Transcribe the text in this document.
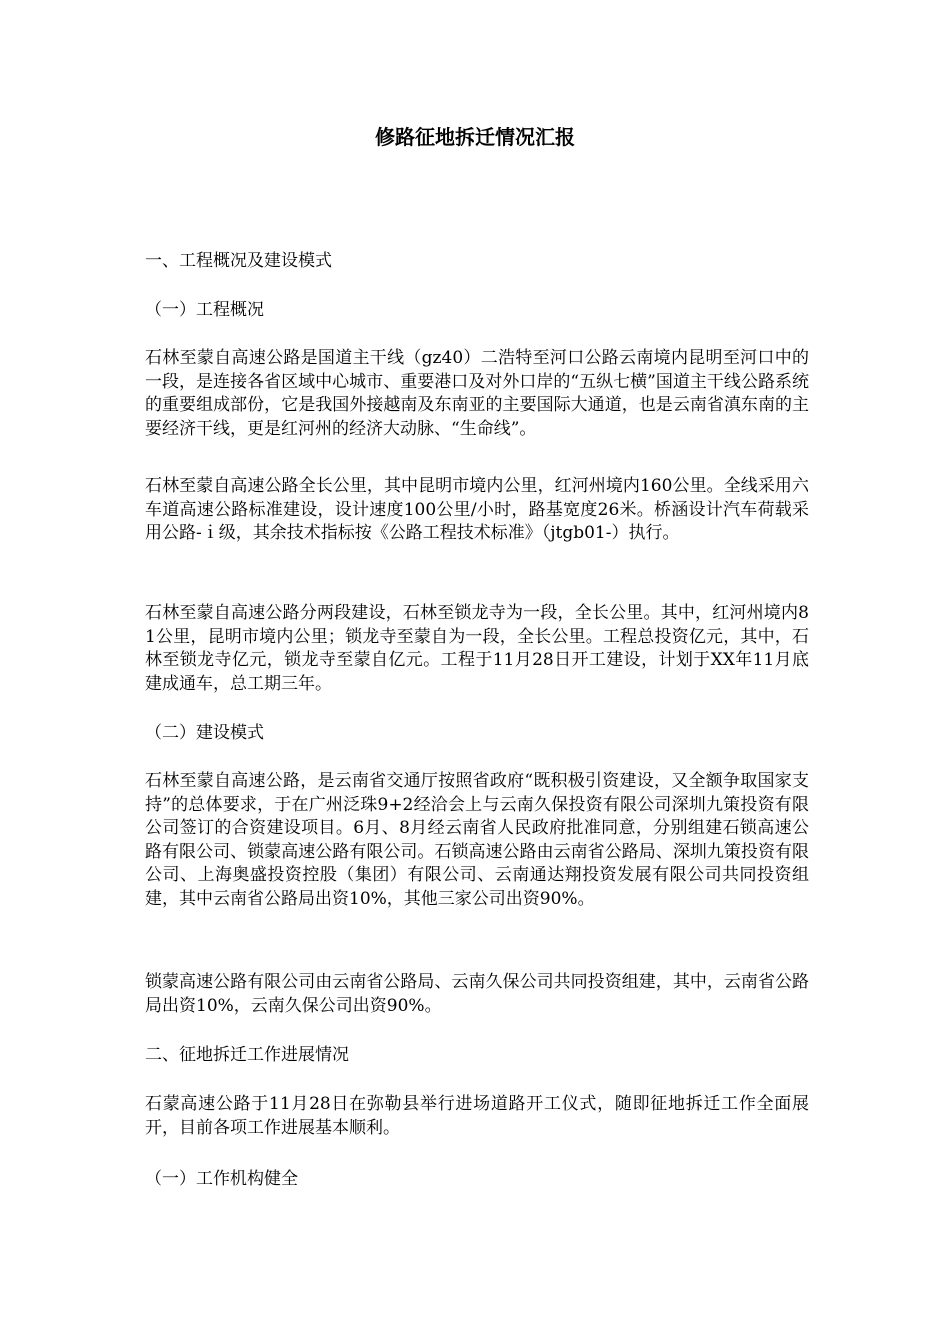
修路征地拆迁情况汇报

一、工程概况及建设模式

（一）工程概况

石林至蒙自高速公路是国道主干线（gz40）二浩特至河口公路云南境内昆明至河口中的一段，是连接各省区域中心城市、重要港口及对外口岸的“五纵七横”国道主干线公路系统的重要组成部份，它是我国外接越南及东南亚的主要国际大通道，也是云南省滇东南的主要经济干线，更是红河州的经济大动脉、“生命线”。

石林至蒙自高速公路全长公里，其中昆明市境内公里，红河州境内160公里。全线采用六车道高速公路标准建设，设计速度100公里/小时，路基宽度26米。桥涵设计汽车荷载采用公路-ｉ级，其余技术指标按《公路工程技术标准》（jtgb01-）执行。

石林至蒙自高速公路分两段建设，石林至锁龙寺为一段，全长公里。其中，红河州境内81公里，昆明市境内公里；锁龙寺至蒙自为一段，全长公里。工程总投资亿元，其中，石林至锁龙寺亿元，锁龙寺至蒙自亿元。工程于11月28日开工建设，计划于XX年11月底建成通车，总工期三年。

（二）建设模式

石林至蒙自高速公路，是云南省交通厅按照省政府“既积极引资建设，又全额争取国家支持”的总体要求，于在广州泛珠9+2经洽会上与云南久保投资有限公司深圳九策投资有限公司签订的合资建设项目。6月、8月经云南省人民政府批准同意，分别组建石锁高速公路有限公司、锁蒙高速公路有限公司。石锁高速公路由云南省公路局、深圳九策投资有限公司、上海奥盛投资控股（集团）有限公司、云南通达翔投资发展有限公司共同投资组建，其中云南省公路局出资10%，其他三家公司出资90%。

锁蒙高速公路有限公司由云南省公路局、云南久保公司共同投资组建，其中，云南省公路局出资10%，云南久保公司出资90%。

二、征地拆迁工作进展情况

石蒙高速公路于11月28日在弥勒县举行进场道路开工仪式，随即征地拆迁工作全面展开，目前各项工作进展基本顺利。

（一）工作机构健全
